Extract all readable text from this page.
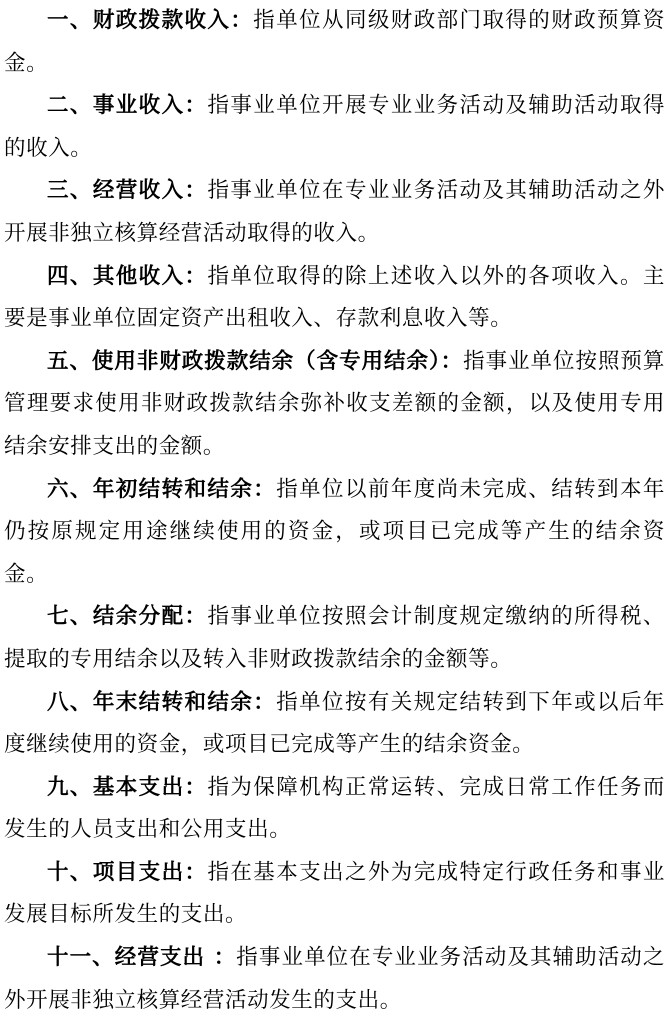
一、财政拨款收入：指单位从同级财政部门取得的财政预算资金。

二、事业收入：指事业单位开展专业业务活动及辅助活动取得的收入。

三、经营收入：指事业单位在专业业务活动及其辅助活动之外开展非独立核算经营活动取得的收入。

四、其他收入：指单位取得的除上述收入以外的各项收入。主要是事业单位固定资产出租收入、存款利息收入等。

五、使用非财政拨款结余（含专用结余）：指事业单位按照预算管理要求使用非财政拨款结余弥补收支差额的金额，以及使用专用结余安排支出的金额。

六、年初结转和结余：指单位以前年度尚未完成、结转到本年仍按原规定用途继续使用的资金，或项目已完成等产生的结余资金。

七、结余分配：指事业单位按照会计制度规定缴纳的所得税、提取的专用结余以及转入非财政拨款结余的金额等。

八、年末结转和结余：指单位按有关规定结转到下年或以后年度继续使用的资金，或项目已完成等产生的结余资金。

九、基本支出：指为保障机构正常运转、完成日常工作任务而发生的人员支出和公用支出。

十、项目支出：指在基本支出之外为完成特定行政任务和事业发展目标所发生的支出。

十一、经营支出 ：指事业单位在专业业务活动及其辅助活动之外开展非独立核算经营活动发生的支出。
